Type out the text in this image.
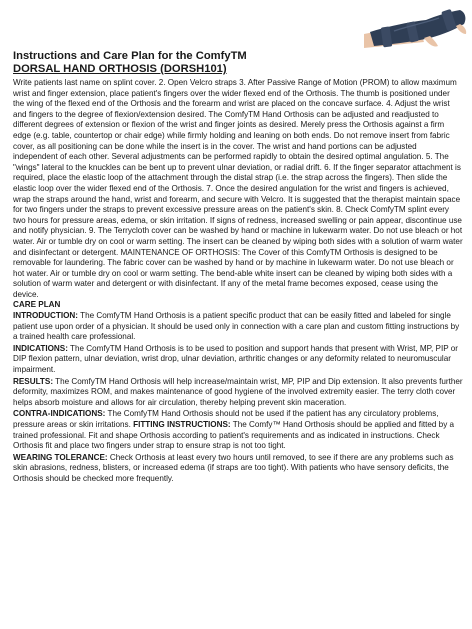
Instructions and Care Plan for the ComfyTM
DORSAL HAND ORTHOSIS (DORSH101)

Write patients last name on splint cover. 2. Open Velcro straps 3. After Passive Range of Motion (PROM) to allow maximum wrist and finger extension, place patient's fingers over the wider flexed end of the Orthosis. The thumb is positioned under the wing of the flexed end of the Orthosis and the forearm and wrist are placed on the concave surface. 4. Adjust the wrist and fingers to the degree of flexion/extension desired. The ComfyTM Hand Orthosis can be adjusted and readjusted to different degrees of extension or flexion of the wrist and finger joints as desired. Merely press the Orthosis against a firm edge (e.g. table, countertop or chair edge) while firmly holding and leaning on both ends. Do not remove insert from fabric cover, as all positioning can be done while the insert is in the cover. The wrist and hand portions can be adjusted independent of each other. Several adjustments can be performed rapidly to obtain the desired optimal angulation. 5. The "wings" lateral to the knuckles can be bent up to prevent ulnar deviation, or radial drift. 6. If the finger separator attachment is required, place the elastic loop of the attachment through the distal strap (i.e. the strap across the fingers). Then slide the elastic loop over the wider flexed end of the Orthosis. 7. Once the desired angulation for the wrist and fingers is achieved, wrap the straps around the hand, wrist and forearm, and secure with Velcro. It is suggested that the therapist maintain space for two fingers under the straps to prevent excessive pressure areas on the patient's skin. 8. Check ComfyTM splint every two hours for pressure areas, edema, or skin irritation. If signs of redness, increased swelling or pain appear, discontinue use and notify physician. 9. The Terrycloth cover can be washed by hand or machine in lukewarm water. Do not use bleach or hot water. Air or tumble dry on cool or warm setting. The insert can be cleaned by wiping both sides with a solution of warm water and disinfectant or detergent. MAINTENANCE OF ORTHOSIS: The Cover of this ComfyTM Orthosis is designed to be removable for laundering. The fabric cover can be washed by hand or by machine in lukewarm water. Do not use bleach or hot water. Air or tumble dry on cool or warm setting. The bend-able white insert can be cleaned by wiping both sides with a solution of warm water and detergent or with disinfectant. If any of the metal frame becomes exposed, cease using the device.

CARE PLAN

INTRODUCTION: The ComfyTM Hand Orthosis is a patient specific product that can be easily fitted and labeled for single patient use upon order of a physician. It should be used only in connection with a care plan and custom fitting instructions by a trained health care professional.

INDICATIONS: The ComfyTM Hand Orthosis is to be used to position and support hands that present with Wrist, MP, PIP or DIP flexion pattern, ulnar deviation, wrist drop, ulnar deviation, arthritic changes or any deformity related to neuromuscular impairment.

RESULTS: The ComfyTM Hand Orthosis will help increase/maintain wrist, MP, PIP and Dip extension. It also prevents further deformity, maximizes ROM, and makes maintenance of good hygiene of the involved extremity easier. The terry cloth cover helps absorb moisture and allows for air circulation, thereby helping prevent skin maceration.

CONTRA-INDICATIONS: The ComfyTM Hand Orthosis should not be used if the patient has any circulatory problems, pressure areas or skin irritations. FITTING INSTRUCTIONS: The Comfy™ Hand Orthosis should be applied and fitted by a trained professional. Fit and shape Orthosis according to patient's requirements and as indicated in instructions. Check Orthosis fit and place two fingers under strap to ensure strap is not too tight.

WEARING TOLERANCE: Check Orthosis at least every two hours until removed, to see if there are any problems such as skin abrasions, redness, blisters, or increased edema (if straps are too tight). With patients who have sensory deficits, the Orthosis should be checked more frequently.
